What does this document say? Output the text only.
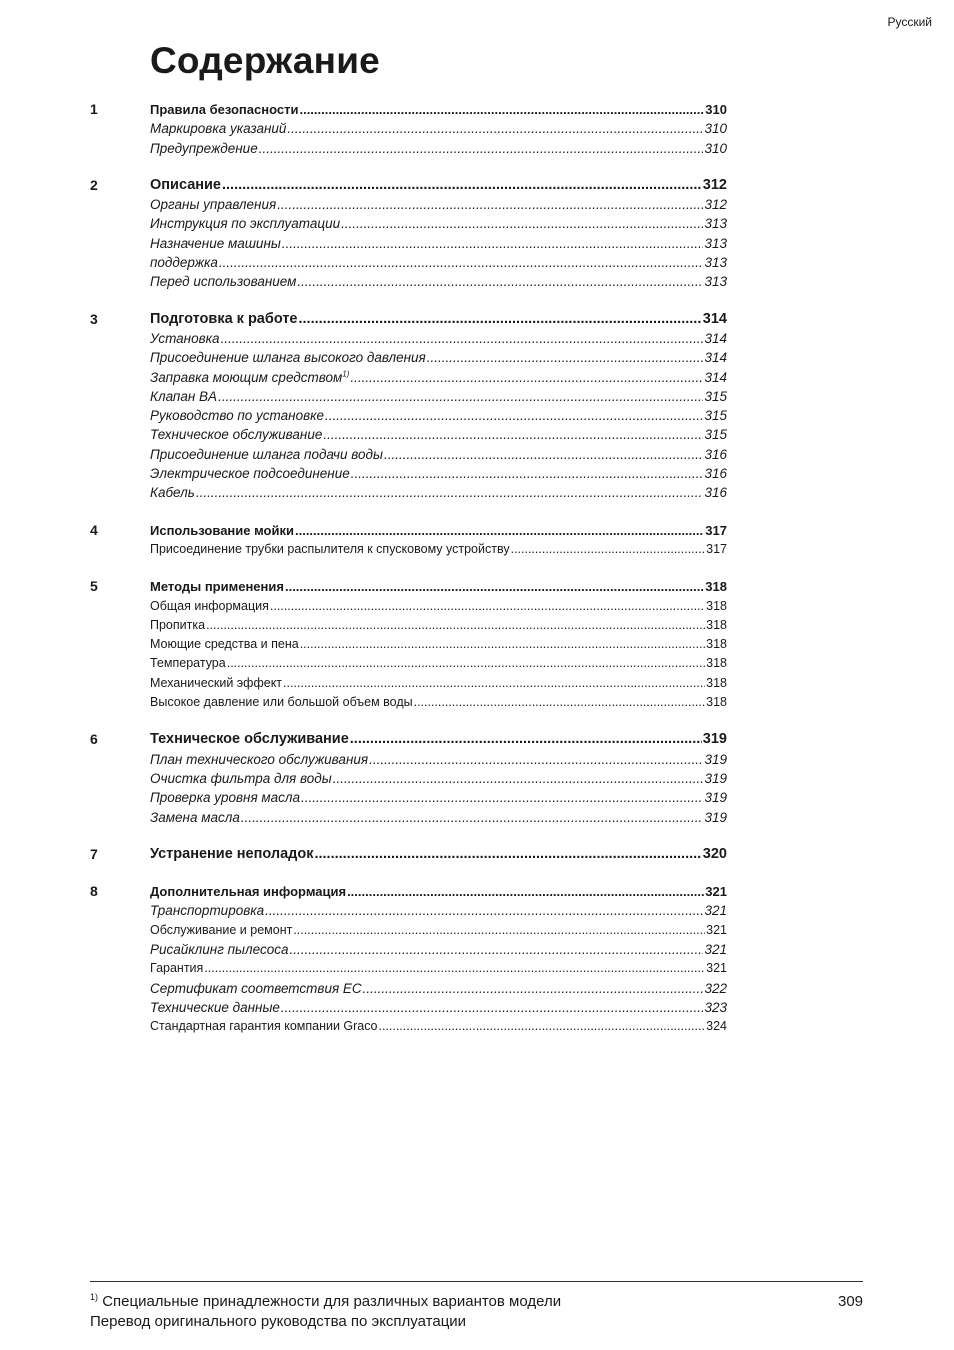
Русский
Содержание
1	Правила безопасности .....	310
Маркировка указаний .....	310
Предупреждение .....	310
2	Описание .....	312
Органы управления .....	312
Инструкция по эксплуатации .....	313
Назначение машины .....	313
поддержка .....	313
Перед использованием .....	313
3	Подготовка к работе .....	314
Установка .....	314
Присоединение шланга высокого давления .....	314
Заправка моющим средством$^{1)}$ .....	314
Клапан BA .....	315
Руководство по установке .....	315
Техническое обслуживание .....	315
Присоединение шланга подачи воды .....	316
Электрическое подсоединение .....	316
Кабель .....	316
4	Использование мойки .....	317
Присоединение трубки распылителя к спусковому устройству .....	317
5	Методы применения .....	318
Общая информация .....	318
Пропитка .....	318
Моющие средства и пена .....	318
Температура .....	318
Механический эффект .....	318
Высокое давление или большой объем воды .....	318
6	Техническое обслуживание .....	319
План технического обслуживания .....	319
Очистка фильтра для воды .....	319
Проверка уровня масла .....	319
Замена масла .....	319
7	Устранение неполадок .....	320
8	Дополнительная информация .....	321
Транспортировка .....	321
Обслуживание и ремонт .....	321
Рисайклинг пылесоса .....	321
Гарантия .....	321
Сертификат соответствия ЕС .....	322
Технические данные .....	323
Стандартная гарантия компании Graco .....	324
$^{1)}$ Специальные принадлежности для различных вариантов модели
Перевод оригинального руководства по эксплуатации
309
